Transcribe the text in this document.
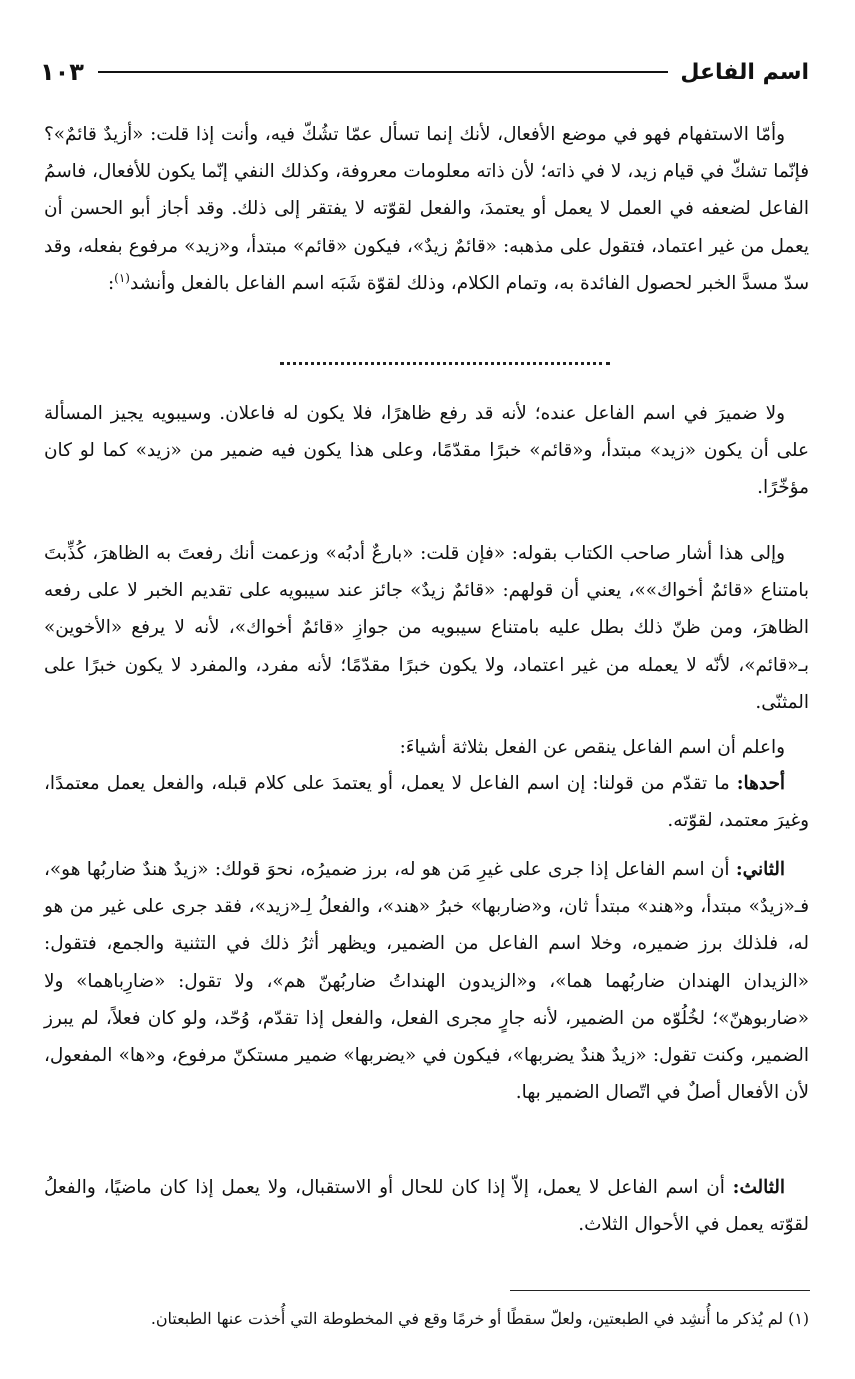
اسم الفاعل
١٠٣

وأمّا الاستفهام فهو في موضع الأفعال، لأنك إنما تسأل عمّا تشُكّ فيه، وأنت إذا قلت: «أزيدٌ قائمٌ»؟ فإنّما تشكّ في قيام زيد، لا في ذاته؛ لأن ذاته معلومات معروفة، وكذلك النفي إنّما يكون للأفعال، فاسمُ الفاعل لضعفه في العمل لا يعمل أو يعتمدَ، والفعل لقوّته لا يفتقر إلى ذلك. وقد أجاز أبو الحسن أن يعمل من غير اعتماد، فتقول على مذهبه: «قائمٌ زيدٌ»، فيكون «قائم» مبتدأ، و«زيد» مرفوع بفعله، وقد سدّ مسدَّ الخبر لحصول الفائدة به، وتمام الكلام، وذلك لقوّة شَبَه اسم الفاعل بالفعل وأنشد$^{(١)}$:

ولا ضميرَ في اسم الفاعل عنده؛ لأنه قد رفع ظاهرًا، فلا يكون له فاعلان. وسيبويه يجيز المسألة على أن يكون «زيد» مبتدأ، و«قائم» خبرًا مقدّمًا، وعلى هذا يكون فيه ضمير من «زيد» كما لو كان مؤخّرًا.

وإلى هذا أشار صاحب الكتاب بقوله: «فإن قلت: «بارعٌ أدبُه» وزعمت أنك رفعتَ به الظاهرَ، كُذِّبتَ بامتناع «قائمٌ أخواك»»، يعني أن قولهم: «قائمٌ زيدٌ» جائز عند سيبويه على تقديم الخبر لا على رفعه الظاهرَ، ومن ظنّ ذلك بطل عليه بامتناع سيبويه من جوازِ «قائمٌ أخواك»، لأنه لا يرفع «الأخوين» بـ«قائم»، لأنّه لا يعمله من غير اعتماد، ولا يكون خبرًا مقدّمًا؛ لأنه مفرد، والمفرد لا يكون خبرًا على المثنّى.

واعلم أن اسم الفاعل ينقص عن الفعل بثلاثة أشياءَ:

أحدها: ما تقدّم من قولنا: إن اسم الفاعل لا يعمل، أو يعتمدَ على كلام قبله، والفعل يعمل معتمدًا، وغيرَ معتمد، لقوّته.

الثاني: أن اسم الفاعل إذا جرى على غيرِ مَن هو له، برز ضميرُه، نحوَ قولك: «زيدٌ هندٌ ضاربُها هو»، فـ«زيدٌ» مبتدأ، و«هند» مبتدأ ثان، و«ضاربها» خبرُ «هند»، والفعلُ لِـ«زيد»، فقد جرى على غير من هو له، فلذلك برز ضميره، وخلا اسم الفاعل من الضمير، ويظهر أثرُ ذلك في التثنية والجمع، فتقول: «الزيدان الهندان ضاربُهما هما»، و«الزيدون الهنداتُ ضاربُهنّ هم»، ولا تقول: «ضارِباهما» ولا «ضاربوهنّ»؛ لخُلُوّه من الضمير، لأنه جارٍ مجرى الفعل، والفعل إذا تقدّم، وُحّد، ولو كان فعلاً، لم يبرز الضمير، وكنت تقول: «زيدٌ هندٌ يضربها»، فيكون في «يضربها» ضمير مستكنّ مرفوع، و«ها» المفعول، لأن الأفعال أصلٌ في اتّصال الضمير بها.

الثالث: أن اسم الفاعل لا يعمل، إلاّ إذا كان للحال أو الاستقبال، ولا يعمل إذا كان ماضيًا، والفعلُ لقوّته يعمل في الأحوال الثلاث.

(١) لم يُذكر ما أُنشِد في الطبعتين، ولعلّ سقطًا أو خرمًا وقع في المخطوطة التي أُخذت عنها الطبعتان.
